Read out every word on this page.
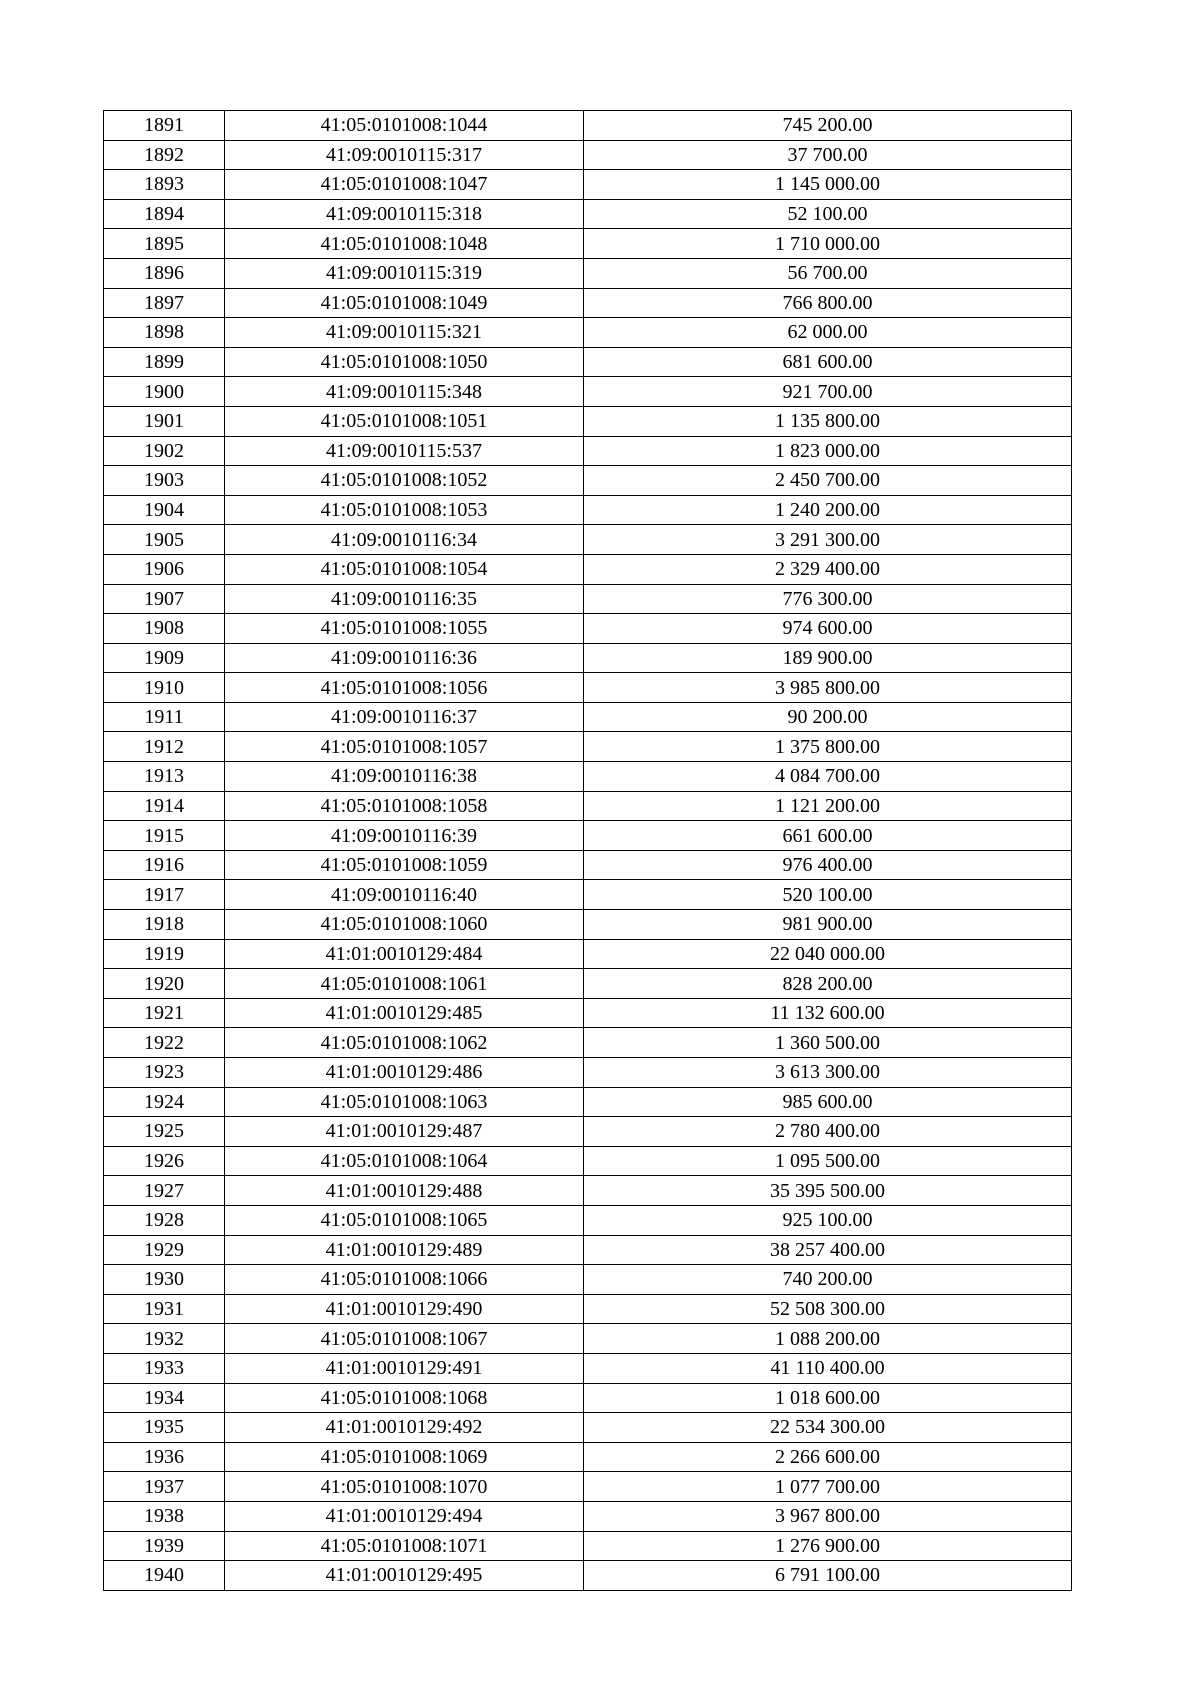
1891	41:05:0101008:1044	745 200.00
1892	41:09:0010115:317	37 700.00
1893	41:05:0101008:1047	1 145 000.00
1894	41:09:0010115:318	52 100.00
1895	41:05:0101008:1048	1 710 000.00
1896	41:09:0010115:319	56 700.00
1897	41:05:0101008:1049	766 800.00
1898	41:09:0010115:321	62 000.00
1899	41:05:0101008:1050	681 600.00
1900	41:09:0010115:348	921 700.00
1901	41:05:0101008:1051	1 135 800.00
1902	41:09:0010115:537	1 823 000.00
1903	41:05:0101008:1052	2 450 700.00
1904	41:05:0101008:1053	1 240 200.00
1905	41:09:0010116:34	3 291 300.00
1906	41:05:0101008:1054	2 329 400.00
1907	41:09:0010116:35	776 300.00
1908	41:05:0101008:1055	974 600.00
1909	41:09:0010116:36	189 900.00
1910	41:05:0101008:1056	3 985 800.00
1911	41:09:0010116:37	90 200.00
1912	41:05:0101008:1057	1 375 800.00
1913	41:09:0010116:38	4 084 700.00
1914	41:05:0101008:1058	1 121 200.00
1915	41:09:0010116:39	661 600.00
1916	41:05:0101008:1059	976 400.00
1917	41:09:0010116:40	520 100.00
1918	41:05:0101008:1060	981 900.00
1919	41:01:0010129:484	22 040 000.00
1920	41:05:0101008:1061	828 200.00
1921	41:01:0010129:485	11 132 600.00
1922	41:05:0101008:1062	1 360 500.00
1923	41:01:0010129:486	3 613 300.00
1924	41:05:0101008:1063	985 600.00
1925	41:01:0010129:487	2 780 400.00
1926	41:05:0101008:1064	1 095 500.00
1927	41:01:0010129:488	35 395 500.00
1928	41:05:0101008:1065	925 100.00
1929	41:01:0010129:489	38 257 400.00
1930	41:05:0101008:1066	740 200.00
1931	41:01:0010129:490	52 508 300.00
1932	41:05:0101008:1067	1 088 200.00
1933	41:01:0010129:491	41 110 400.00
1934	41:05:0101008:1068	1 018 600.00
1935	41:01:0010129:492	22 534 300.00
1936	41:05:0101008:1069	2 266 600.00
1937	41:05:0101008:1070	1 077 700.00
1938	41:01:0010129:494	3 967 800.00
1939	41:05:0101008:1071	1 276 900.00
1940	41:01:0010129:495	6 791 100.00
